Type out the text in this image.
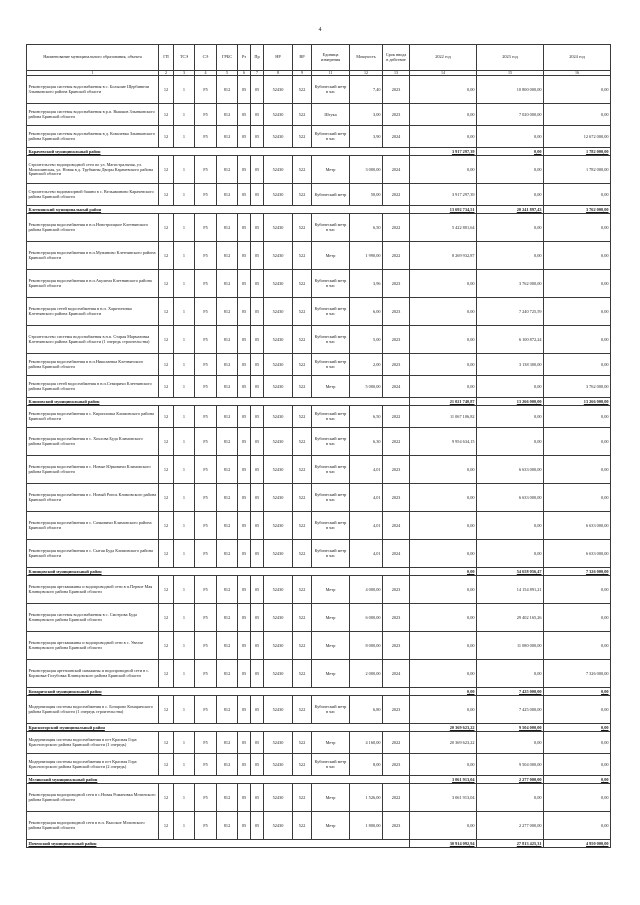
4
Наименование муниципального образования, объекта	ГП	ТСЭ	СЭ	ГРБС	Рз	Пр	НР	ВР	Единица измерения	Мощность	Срок ввода в действие	2022 год	2023 год	2024 год
1	2	3	4	5	6	7	8	9	11	12	13	14	15	16
Реконструкция системы водоснабжения в с. Большие Щербиничи Злынковского района Брянской области	12	1	F5	812	05	05	52430	522	Кубический метр в час	7,40	2023	0,00	10 800 000,00	0,00
Реконструкция системы водоснабжения в р.п. Вышков Злынковского района Брянской области	12	1	F5	812	05	05	52430	522	Штука	3,00	2023	0,00	7 020 000,00	0,00
Реконструкция системы водоснабжения в д. Ковалевка Злынковского района Брянской области	12	1	F5	812	05	05	52430	522	Кубический метр в час	3,90	2024	0,00	0,00	12 672 000,00
Карачевский муниципальный район												3 917 297,39	0,00	1 782 000,00
Строительство водопроводной сети по ул. Магистральная, ул. Мохошинская, ул. Новая в д. Трубкины Дворы Карачевского района Брянской области	12	1	F5	812	05	05	52430	522	Метр	3 000,00	2024	0,00	0,00	1 782 000,00
Строительство водонапорной башни в с. Вельяминово Карачевского района Брянской области	12	1	F5	812	05	05	52430	522	Кубический метр	50,00	2022	3 917 297,39	0,00	0,00
Клетнянский муниципальный район												13 692 734,51	20 241 897,43	3 762 000,00
Реконструкция водоснабжения в н.п.Новотроицкое Клетнянского района Брянской области	12	1	F5	812	05	05	52430	522	Кубический метр в час	6,50	2022	5 422 801,64	0,00	0,00
Реконструкция водоснабжения в н.п.Мужиново Клетнянского района Брянской области	12	1	F5	812	05	05	52430	522	Метр	1 990,00	2022	8 269 932,87	0,00	0,00
Реконструкция водоснабжения в н.п.Акуличи Клетнянского района Брянской области	12	1	F5	812	05	05	52430	522	Кубический метр в час	3,96	2023	0,00	3 762 000,00	0,00
Реконструкция сетей водоснабжения в н.п. Харитоновка Клетнянского района Брянской области	12	1	F5	812	05	05	52430	522	Кубический метр в час	6,00	2023	0,00	7 240 725,59	0,00
Строительство системы водоснабжения в н.п. Старая Мармазовка Клетнянского района Брянской области (1 очередь строительства)	12	1	F5	812	05	05	52430	522	Кубический метр в час	5,00	2023	0,00	6 100 872,24	0,00
Реконструкция водоснабжения в н.п.Николаевка Клетнянского района Брянской области	12	1	F5	812	05	05	52430	522	Кубический метр в час	2,00	2023	0,00	3 138 300,00	0,00
Реконструкция сетей водоснабжения в н.п.Семиричи Клетнянского района Брянской области	12	1	F5	812	05	05	52430	522	Метр	5 000,00	2024	0,00	0,00	3 762 000,00
Климовский муниципальный район												21 021 740,87	13 266 000,00	13 266 000,00
Реконструкция водоснабжения в с. Кирилловка Климовского района Брянской области	12	1	F5	812	05	05	52430	522	Кубический метр в час	6,50	2022	11 067 106,82	0,00	0,00
Реконструкция водоснабжения в с. Хохлова Буда Климовского района Брянской области	12	1	F5	812	05	05	52430	522	Кубический метр в час	6,30	2022	9 954 634,15	0,00	0,00
Реконструкция водоснабжения в с. Новые Юрковичи Климовского района Брянской области	12	1	F5	812	05	05	52430	522	Кубический метр в час	4,01	2023	0,00	6 633 000,00	0,00
Реконструкция водоснабжения в с. Новый Ропск Климовского района Брянской области	12	1	F5	812	05	05	52430	522	Кубический метр в час	4,01	2023	0,00	6 633 000,00	0,00
Реконструкция водоснабжения в с. Сачковичи Климовского района Брянской области	12	1	F5	812	05	05	52430	522	Кубический метр в час	4,01	2024	0,00	0,00	6 633 000,00
Реконструкция водоснабжения в с. Сытая Буда Климовского района Брянской области	12	1	F5	812	05	05	52430	522	Кубический метр в час	4,01	2024	0,00	0,00	6 633 000,00
Клинцовский муниципальный район												0,00	54 658 056,47	7 326 000,00
Реконструкция артскважины и водопроводной сети в п.Первое Мая Клинцовского района Брянской области	12	1	F5	812	05	05	52430	522	Метр	4 000,00	2023	0,00	14 154 891,21	0,00
Реконструкция системы водоснабжения в с. Смотрова Буда Клинцовского района Брянской области	12	1	F5	812	05	05	52430	522	Метр	6 000,00	2023	0,00	29 402 165,26	0,00
Реконструкция артскважины и водопроводной сети в с. Увелье Клинцовского района Брянской области	12	1	F5	812	05	05	52430	522	Метр	8 000,00	2023	0,00	11 080 000,00	0,00
Реконструкция артезианской скважины и водопроводной сети в с. Коржовка-Голубовка Клинцовского района Брянской области	12	1	F5	812	05	05	52430	522	Метр	2 000,00	2024	0,00	0,00	7 326 000,00
Комаричский муниципальный район												0,00	7 425 000,00	0,00
Модернизация системы водоснабжения в с. Бочарово Комаричского района Брянской области (1 очередь строительства)	12	1	F5	812	05	05	52430	522	Кубический метр в час	6,80	2023	0,00	7 425 000,00	0,00
Красногорский муниципальный район												20 369 623,22	9 504 000,00	0,00
Модернизация системы водоснабжения в пгт Красная Гора Красногорского района Брянской области (1 очередь)	12	1	F5	812	05	05	52430	522	Метр	4 160,00	2022	20 369 623,22	0,00	0,00
Модернизация системы водоснабжения в пгт Красная Гора Красногорского района Брянской области (2 очередь)	12	1	F5	812	05	05	52430	522	Кубический метр в час	8,00	2023	0,00	9 504 000,00	0,00
Мглинский муниципальный район												3 061 913,04	2 277 000,00	0,00
Реконструкция водопроводной сети в с.Новая Романовка Мглинского района Брянской области	12	1	F5	812	05	05	52430	522	Метр	1 526,00	2022	3 061 913,04	0,00	0,00
Реконструкция водопроводной сети в н.п. Высокое Мглинского района Брянской области	12	1	F5	812	05	05	52430	522	Метр	1 800,00	2023	0,00	2 277 000,00	0,00
Почепский муниципальный район												30 914 092,94	27 813 425,31	4 950 000,00
